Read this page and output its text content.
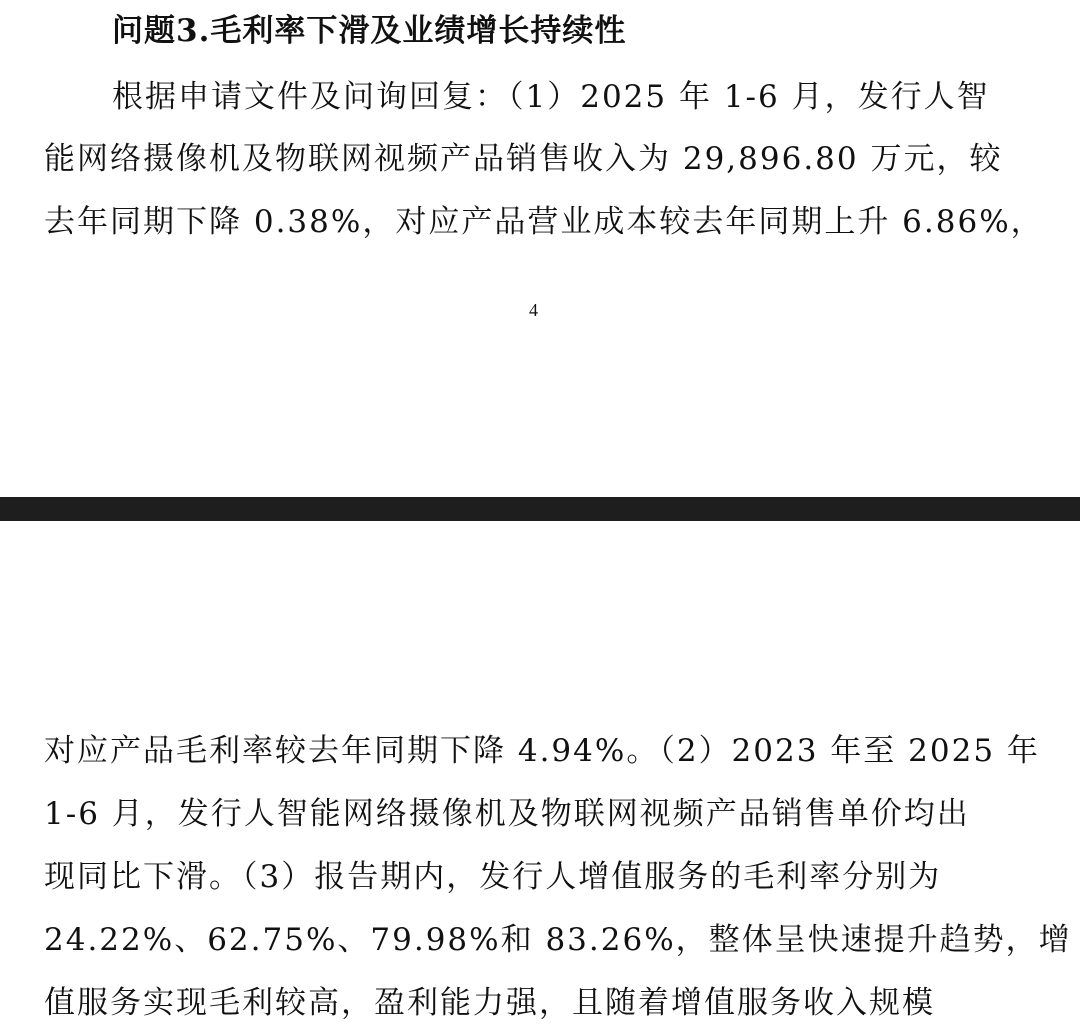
问题3.毛利率下滑及业绩增长持续性

根据申请文件及问询回复：（1）2025 年 1-6 月，发行人智

能网络摄像机及物联网视频产品销售收入为 29,896.80 万元，较

去年同期下降 0.38%，对应产品营业成本较去年同期上升 6.86%，

4

对应产品毛利率较去年同期下降 4.94%。（2）2023 年至 2025 年

1-6 月，发行人智能网络摄像机及物联网视频产品销售单价均出

现同比下滑。（3）报告期内，发行人增值服务的毛利率分别为

24.22%、62.75%、79.98%和 83.26%，整体呈快速提升趋势，增

值服务实现毛利较高，盈利能力强，且随着增值服务收入规模
